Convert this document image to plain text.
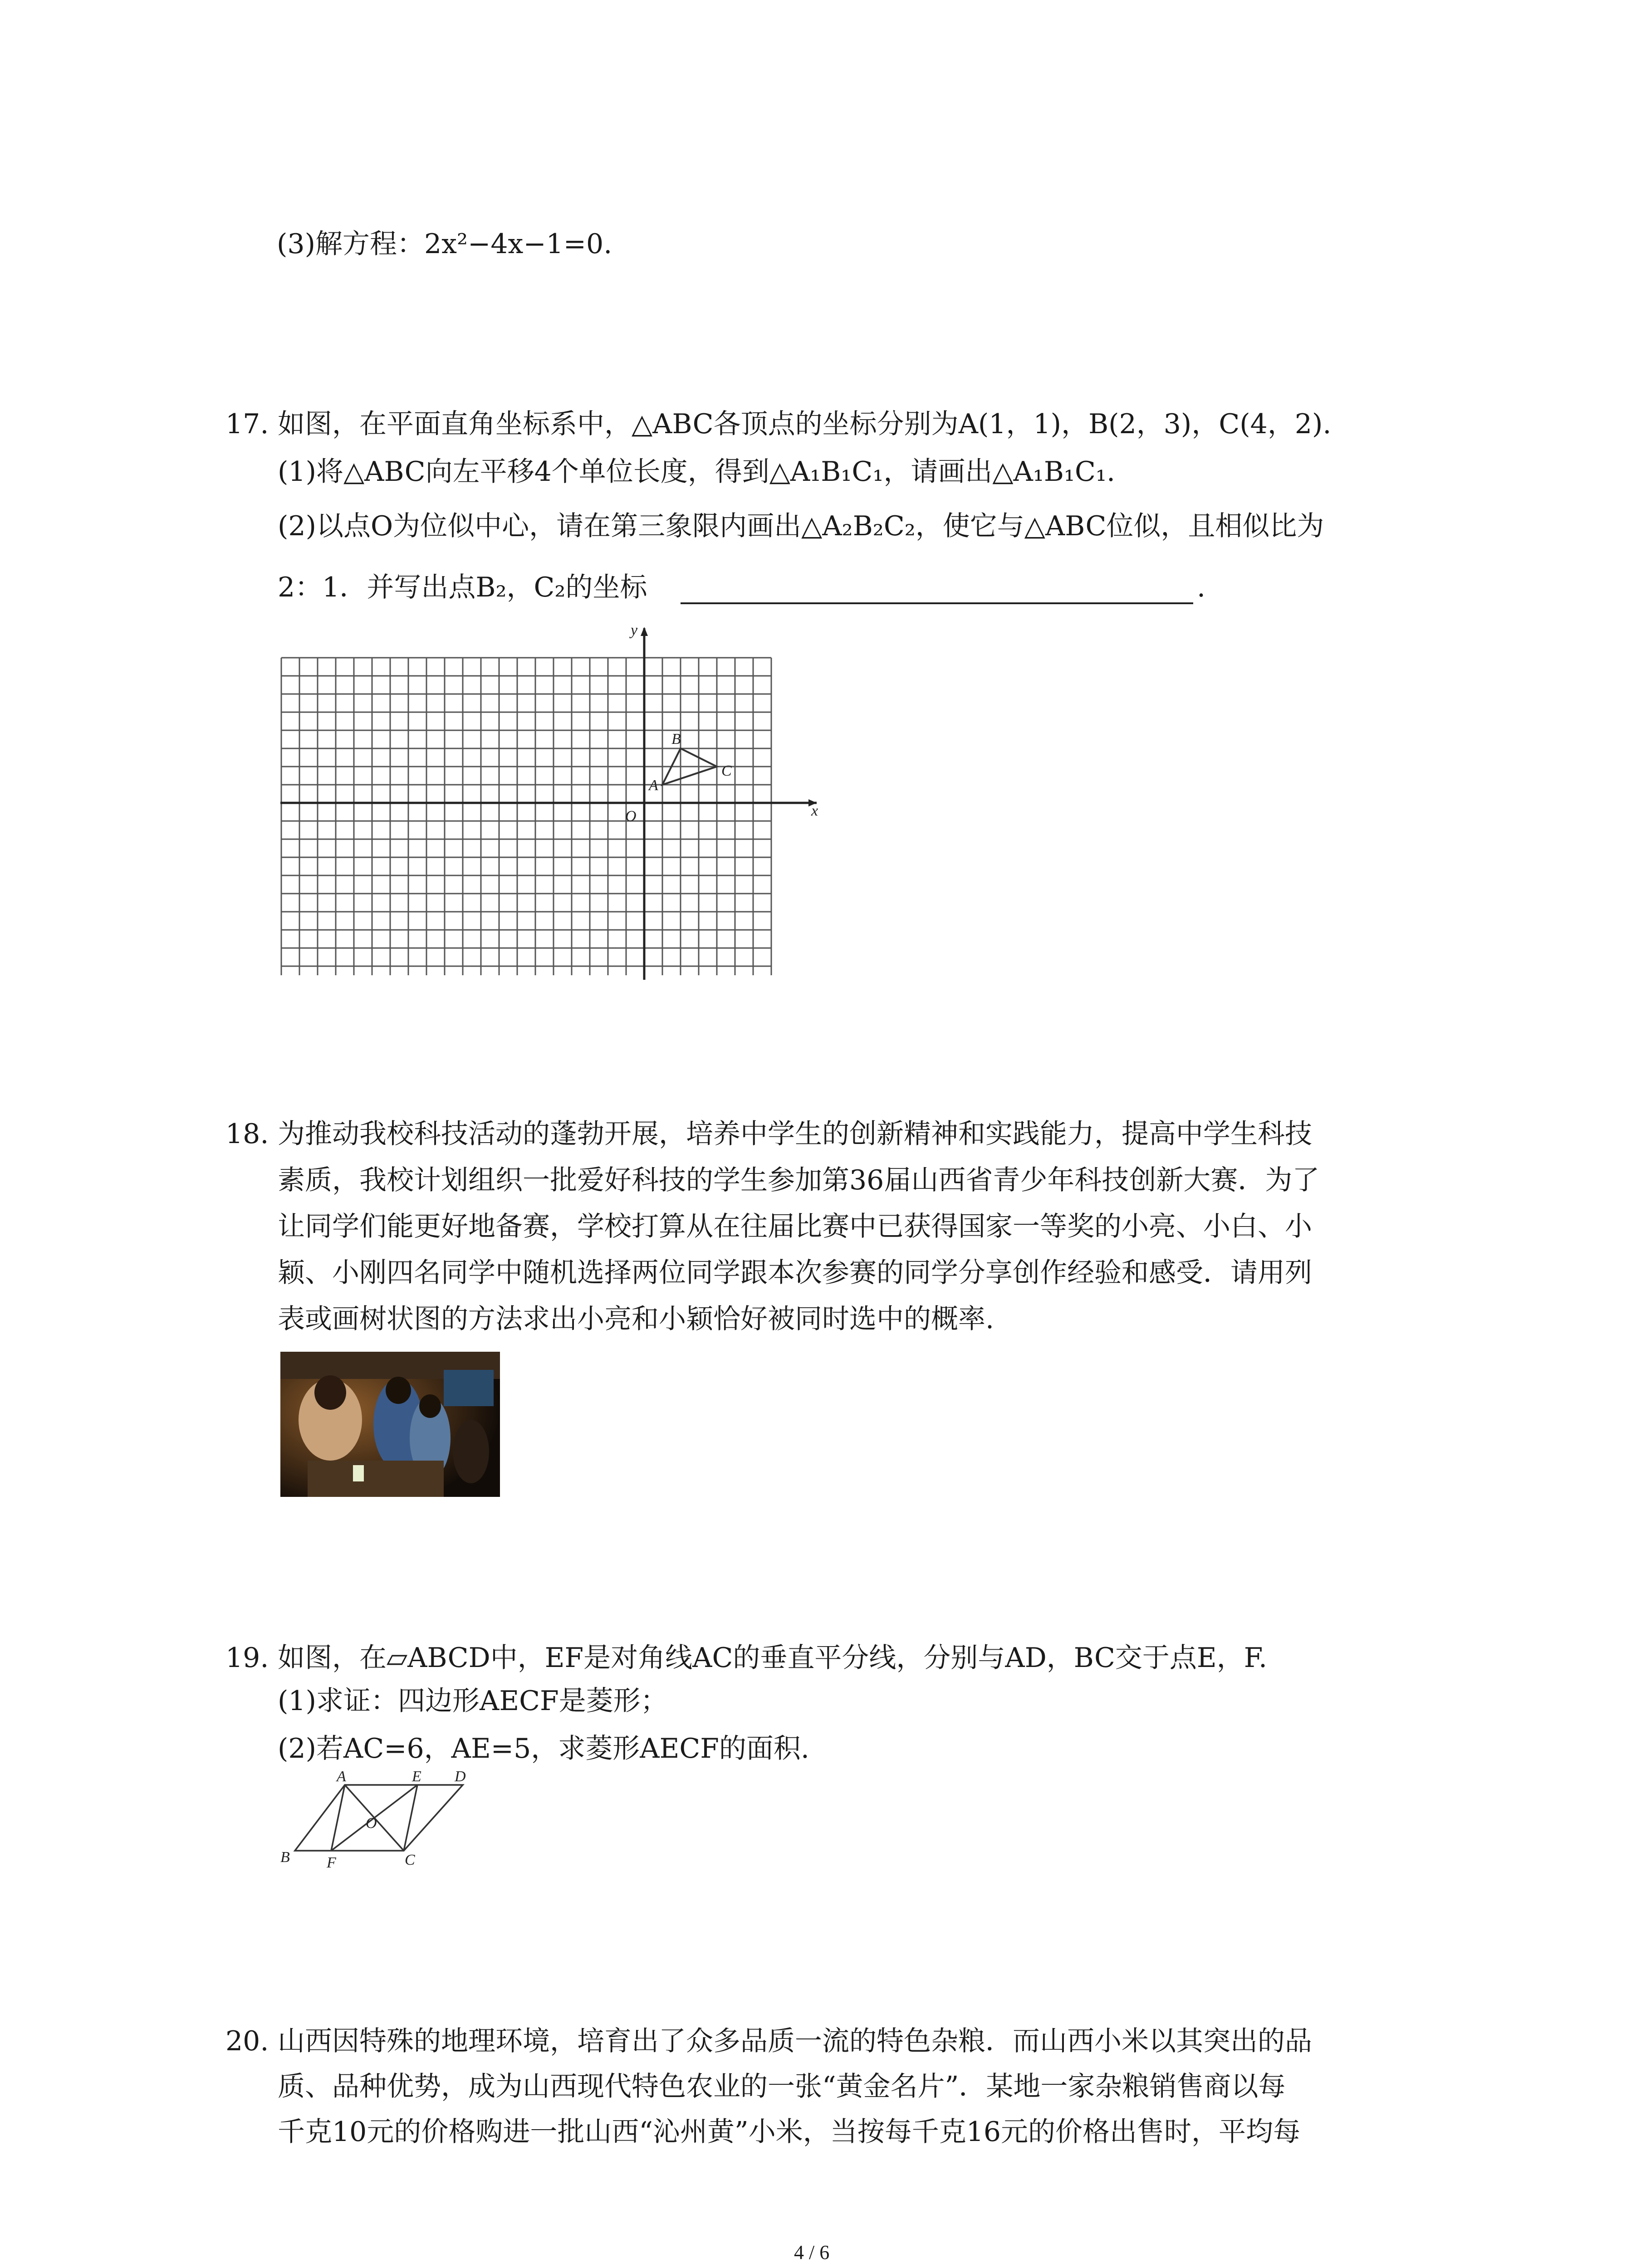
(3)解方程：2x²−4x−1=0.
17. 如图，在平面直角坐标系中，△ABC各顶点的坐标分别为A(1，1)，B(2，3)，C(4，2).
(1)将△ABC向左平移4个单位长度，得到△A₁B₁C₁，请画出△A₁B₁C₁.
(2)以点O为位似中心，请在第三象限内画出△A₂B₂C₂，使它与△ABC位似，且相似比为
2：1．并写出点B₂，C₂的坐标	.
y
x
O
A
B
C
18. 为推动我校科技活动的蓬勃开展，培养中学生的创新精神和实践能力，提高中学生科技
素质，我校计划组织一批爱好科技的学生参加第36届山西省青少年科技创新大赛．为了
让同学们能更好地备赛，学校打算从在往届比赛中已获得国家一等奖的小亮、小白、小
颖、小刚四名同学中随机选择两位同学跟本次参赛的同学分享创作经验和感受．请用列
表或画树状图的方法求出小亮和小颖恰好被同时选中的概率.
19. 如图，在▱ABCD中，EF是对角线AC的垂直平分线，分别与AD，BC交于点E，F.
(1)求证：四边形AECF是菱形；
(2)若AC=6，AE=5，求菱形AECF的面积.
A	E D
B F	C
O
20. 山西因特殊的地理环境，培育出了众多品质一流的特色杂粮．而山西小米以其突出的品
质、品种优势，成为山西现代特色农业的一张“黄金名片”．某地一家杂粮销售商以每
千克10元的价格购进一批山西“沁州黄”小米，当按每千克16元的价格出售时，平均每
4 / 6
